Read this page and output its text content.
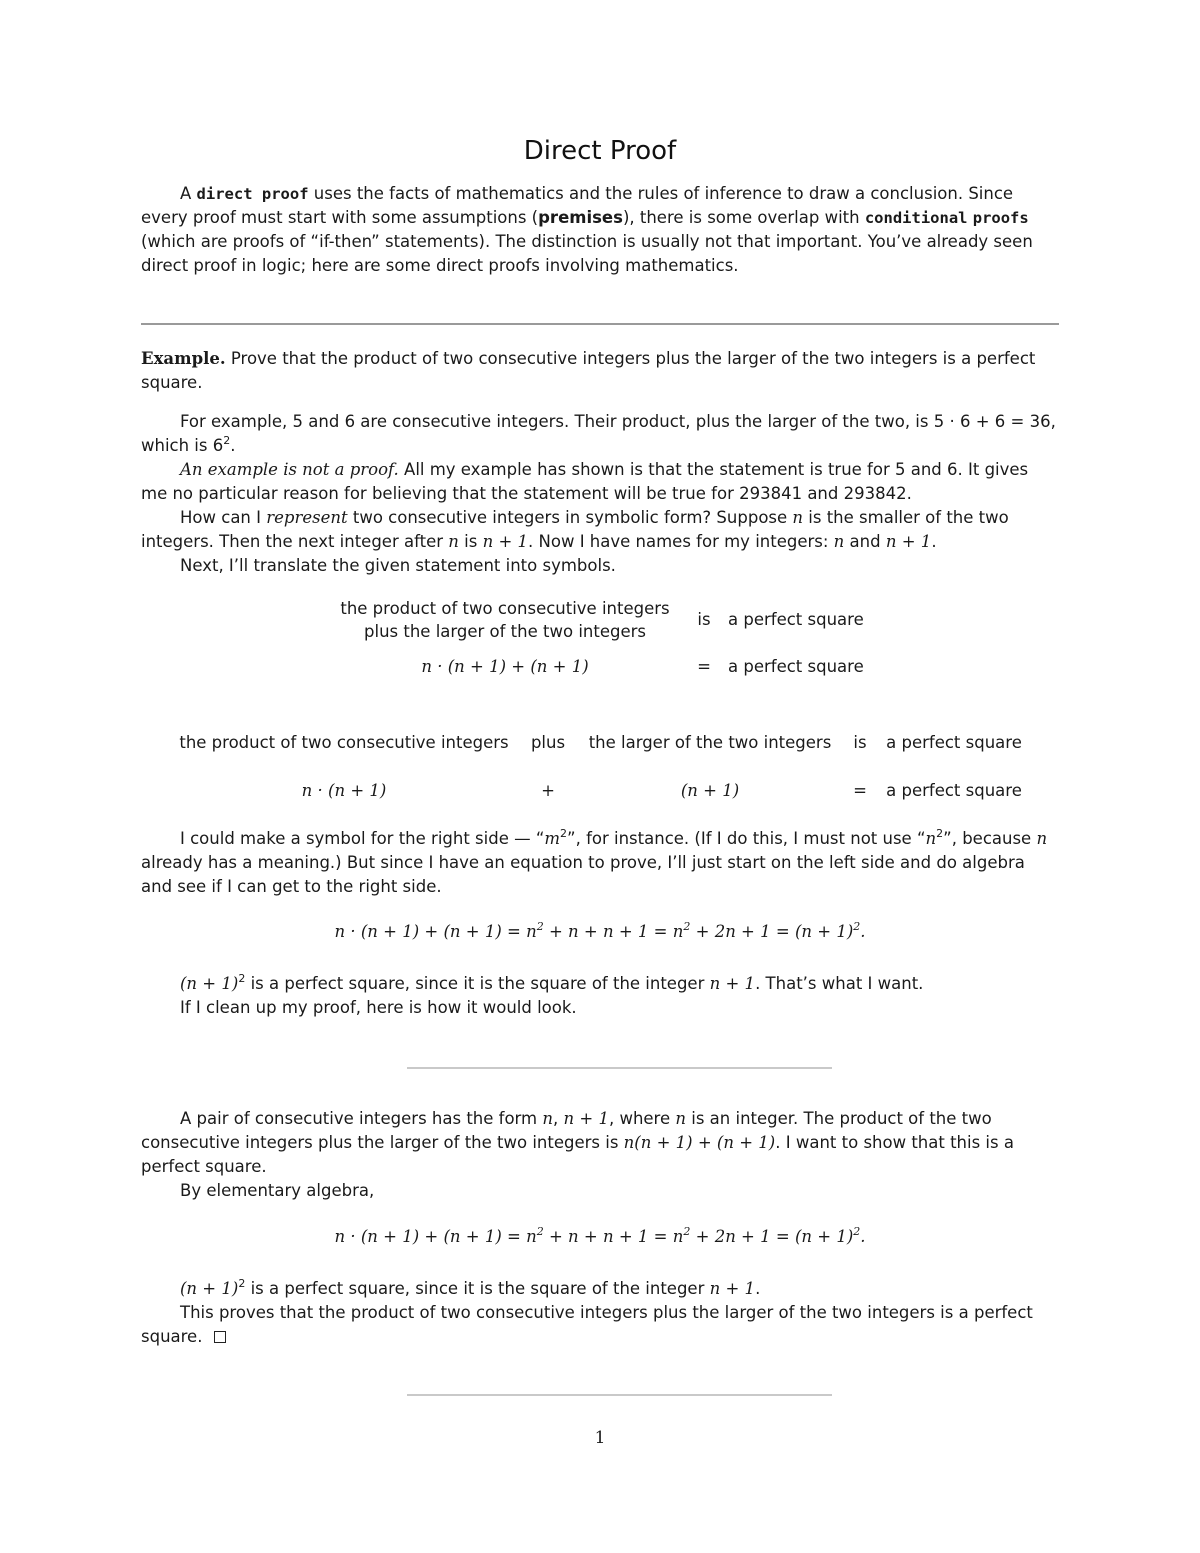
Direct Proof
A direct proof uses the facts of mathematics and the rules of inference to draw a conclusion. Since every proof must start with some assumptions (premises), there is some overlap with conditional proofs (which are proofs of “if-then” statements). The distinction is usually not that important. You’ve already seen direct proof in logic; here are some direct proofs involving mathematics.
Example. Prove that the product of two consecutive integers plus the larger of the two integers is a perfect square.
For example, 5 and 6 are consecutive integers. Their product, plus the larger of the two, is 5 · 6 + 6 = 36, which is $6^2$.
An example is not a proof. All my example has shown is that the statement is true for 5 and 6. It gives me no particular reason for believing that the statement will be true for 293841 and 293842.
How can I represent two consecutive integers in symbolic form? Suppose n is the smaller of the two integers. Then the next integer after n is n + 1. Now I have names for my integers: n and n + 1.
Next, I’ll translate the given statement into symbols.
the product of two consecutive integers
plus the larger of the two integers
is	a perfect square
n · (n + 1) + (n + 1)	=	a perfect square
the product of two consecutive integers	plus	the larger of the two integers	is	a perfect square
n · (n + 1)	+	(n + 1)	=	a perfect square
I could make a symbol for the right side — “$m^2$”, for instance. (If I do this, I must not use “$n^2$”, because n already has a meaning.) But since I have an equation to prove, I’ll just start on the left side and do algebra and see if I can get to the right side.
$n \cdot (n + 1) + (n + 1) = n^2 + n + n + 1 = n^2 + 2n + 1 = (n + 1)^2$.
$(n + 1)^2$ is a perfect square, since it is the square of the integer n + 1. That’s what I want.
If I clean up my proof, here is how it would look.
A pair of consecutive integers has the form n, n + 1, where n is an integer. The product of the two consecutive integers plus the larger of the two integers is n(n + 1) + (n + 1). I want to show that this is a perfect square.
By elementary algebra,
$n \cdot (n + 1) + (n + 1) = n^2 + n + n + 1 = n^2 + 2n + 1 = (n + 1)^2$.
$(n + 1)^2$ is a perfect square, since it is the square of the integer n + 1.
This proves that the product of two consecutive integers plus the larger of the two integers is a perfect square.
1
